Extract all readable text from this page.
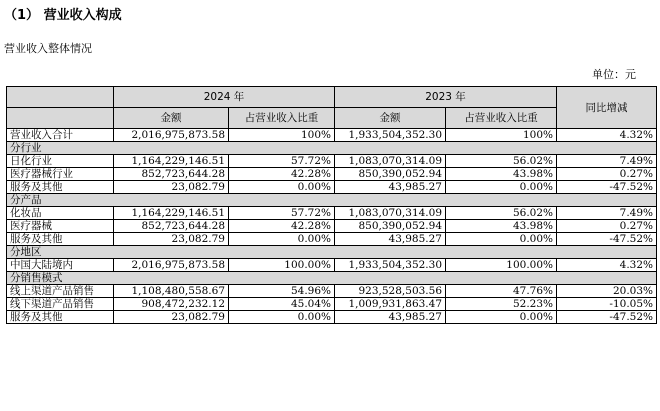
（1） 营业收入构成
营业收入整体情况
单位：元
	2024 年		2023 年		同比增减
	金额	占营业收入比重	金额	占营业收入比重	
营业收入合计	2,016,975,873.58	100%	1,933,504,352.30	100%	4.32%
分行业					
日化行业	1,164,229,146.51	57.72%	1,083,070,314.09	56.02%	7.49%
医疗器械行业	852,723,644.28	42.28%	850,390,052.94	43.98%	0.27%
服务及其他	23,082.79	0.00%	43,985.27	0.00%	-47.52%
分产品					
化妆品	1,164,229,146.51	57.72%	1,083,070,314.09	56.02%	7.49%
医疗器械	852,723,644.28	42.28%	850,390,052.94	43.98%	0.27%
服务及其他	23,082.79	0.00%	43,985.27	0.00%	-47.52%
分地区					
中国大陆境内	2,016,975,873.58	100.00%	1,933,504,352.30	100.00%	4.32%
分销售模式					
线上渠道产品销售	1,108,480,558.67	54.96%	923,528,503.56	47.76%	20.03%
线下渠道产品销售	908,472,232.12	45.04%	1,009,931,863.47	52.23%	-10.05%
服务及其他	23,082.79	0.00%	43,985.27	0.00%	-47.52%
